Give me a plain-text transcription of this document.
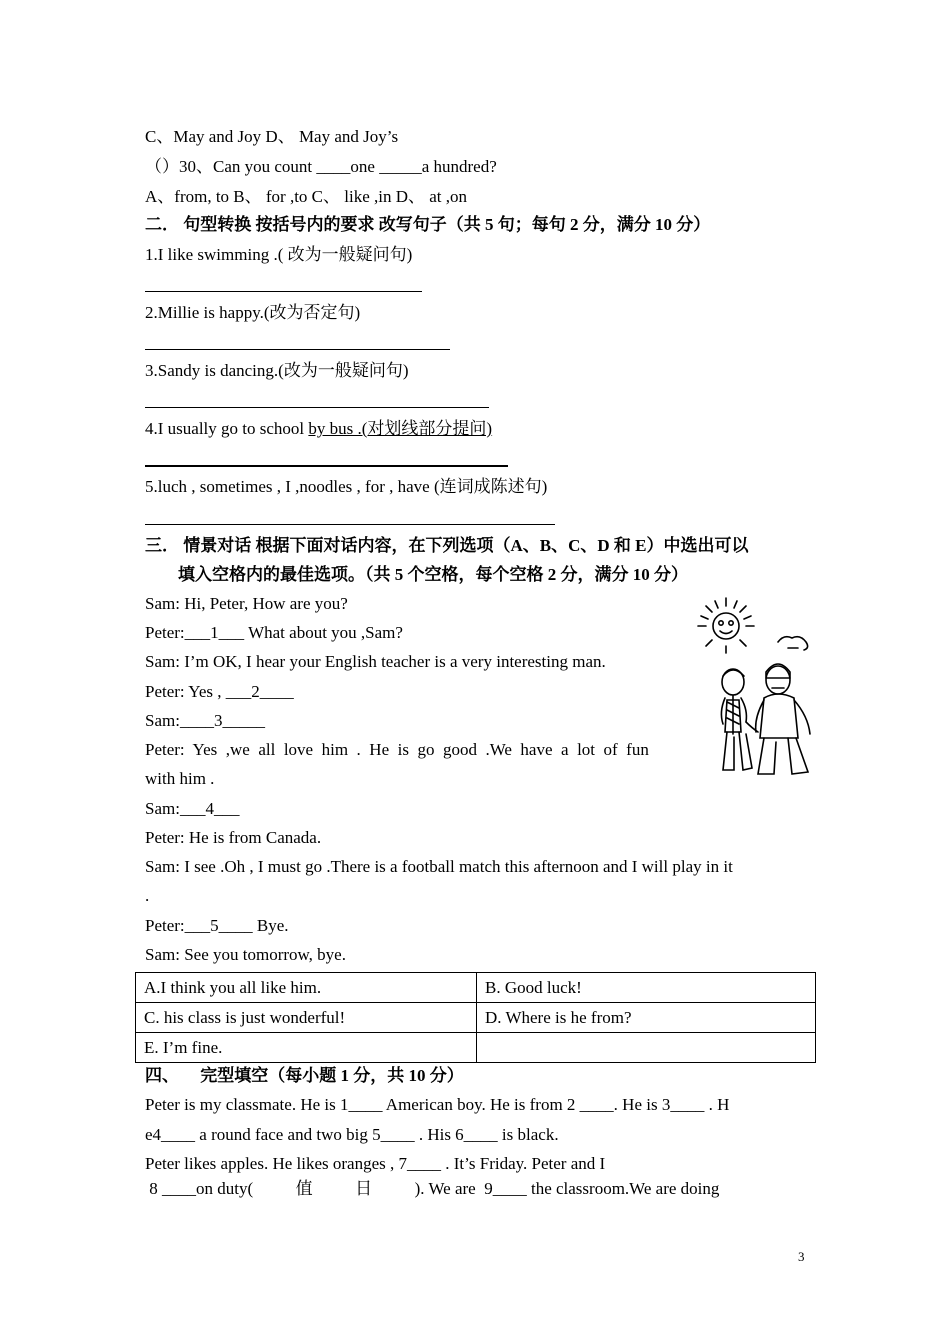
C、May and Joy D、 May and Joy’s
（）30、Can you count ____one _____a hundred?
A、from, to B、 for ,to C、 like ,in D、 at ,on
二． 句型转换 按括号内的要求 改写句子（共 5 句；每句 2 分，满分 10 分）
1.I like swimming .( 改为一般疑问句)
2.Millie is happy.(改为否定句)
3.Sandy is dancing.(改为一般疑问句)
4.I usually go to school by bus .(对划线部分提问)
5.luch , sometimes , I ,noodles , for , have (连词成陈述句)
三． 情景对话 根据下面对话内容，在下列选项（A、B、C、D 和 E）中选出可以
填入空格内的最佳选项。（共 5 个空格，每个空格 2 分，满分 10 分）
Sam: Hi, Peter, How are you?
Peter:___1___ What about you ,Sam?
Sam: I’m OK, I hear your English teacher is a very interesting man.
Peter: Yes , ___2____
Sam:____3_____
Peter:  Yes  ,we  all  love  him  .  He  is  go  good  .We  have  a  lot  of  fun
with him .
Sam:___4___
Peter: He is from Canada.
Sam: I see .Oh , I must go .There is a football match this afternoon and I will play in it
.
Peter:___5____ Bye.
Sam: See you tomorrow, bye.
A.I think you all like him.	B. Good luck!
C. his class is just wonderful!	D. Where is he from?
E. I’m fine.	
四、     完型填空（每小题 1 分，共 10 分）
Peter is my classmate. He is 1____ American boy. He is from 2 ____. He is 3____ . H
e4____ a round face and two big 5____ . His 6____ is black.
Peter likes apples. He likes oranges , 7____ . It’s Friday. Peter and I
8 ____on duty(          值          日          ). We are  9____ the classroom.We are doing
3
